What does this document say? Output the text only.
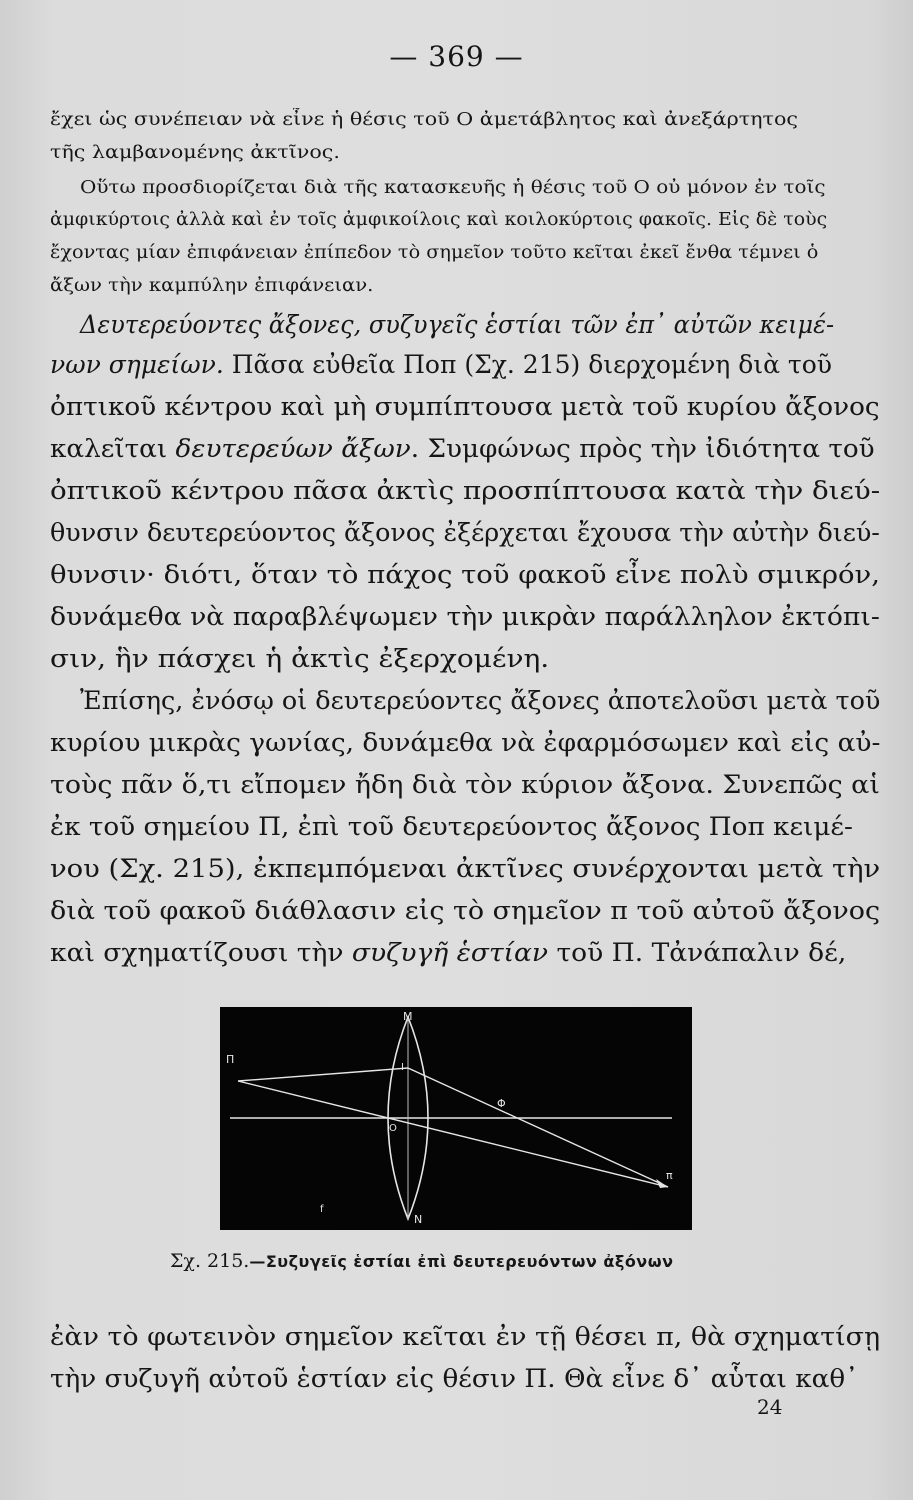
— 369 —
ἔχει ὡς συνέπειαν νὰ εἶνε ἡ θέσις τοῦ O ἀμετάβλητος καὶ ἀνεξάρτητος
τῆς λαμβανομένης ἀκτῖνος.
Οὕτω προσδιορίζεται διὰ τῆς κατασκευῆς ἡ θέσις τοῦ O οὐ μόνον ἐν τοῖς
ἀμφικύρτοις ἀλλὰ καὶ ἐν τοῖς ἀμφικοίλοις καὶ κοιλοκύρτοις φακοῖς. Εἰς δὲ τοὺς
ἔχοντας μίαν ἐπιφάνειαν ἐπίπεδον τὸ σημεῖον τοῦτο κεῖται ἐκεῖ ἔνθα τέμνει ὁ
ἄξων τὴν καμπύλην ἐπιφάνειαν.
Δευτερεύοντες ἄξονες, συζυγεῖς ἑστίαι τῶν ἐπ᾽ αὐτῶν κειμέ-
νων σημείων. Πᾶσα εὐθεῖα Ποπ (Σχ. 215) διερχομένη διὰ τοῦ
ὀπτικοῦ κέντρου καὶ μὴ συμπίπτουσα μετὰ τοῦ κυρίου ἄξονος
καλεῖται δευτερεύων ἄξων. Συμφώνως πρὸς τὴν ἰδιότητα τοῦ
ὀπτικοῦ κέντρου πᾶσα ἀκτὶς προσπίπτουσα κατὰ τὴν διεύ-
θυνσιν δευτερεύοντος ἄξονος ἐξέρχεται ἔχουσα τὴν αὐτὴν διεύ-
θυνσιν· διότι, ὅταν τὸ πάχος τοῦ φακοῦ εἶνε πολὺ σμικρόν,
δυνάμεθα νὰ παραβλέψωμεν τὴν μικρὰν παράλληλον ἐκτόπι-
σιν, ἣν πάσχει ἡ ἀκτὶς ἐξερχομένη.
Ἐπίσης, ἐνόσῳ οἱ δευτερεύοντες ἄξονες ἀποτελοῦσι μετὰ τοῦ
κυρίου μικρὰς γωνίας, δυνάμεθα νὰ ἐφαρμόσωμεν καὶ εἰς αὐ-
τοὺς πᾶν ὅ,τι εἴπομεν ἤδη διὰ τὸν κύριον ἄξονα. Συνεπῶς αἱ
ἐκ τοῦ σημείου Π, ἐπὶ τοῦ δευτερεύοντος ἄξονος Ποπ κειμέ-
νου (Σχ. 215), ἐκπεμπόμεναι ἀκτῖνες συνέρχονται μετὰ τὴν
διὰ τοῦ φακοῦ διάθλασιν εἰς τὸ σημεῖον π τοῦ αὐτοῦ ἄξονος
καὶ σχηματίζουσι τὴν συζυγῆ ἑστίαν τοῦ Π. Τἀνάπαλιν δέ,
M
N
Π
I
O
Φ
π
f
Σχ. 215.—Συζυγεῖς ἑστίαι ἐπὶ δευτερευόντων ἀξόνων
ἐὰν τὸ φωτεινὸν σημεῖον κεῖται ἐν τῇ θέσει π, θὰ σχηματίσῃ
τὴν συζυγῆ αὐτοῦ ἑστίαν εἰς θέσιν Π. Θὰ εἶνε δ᾽ αὗται καθ᾽
24
